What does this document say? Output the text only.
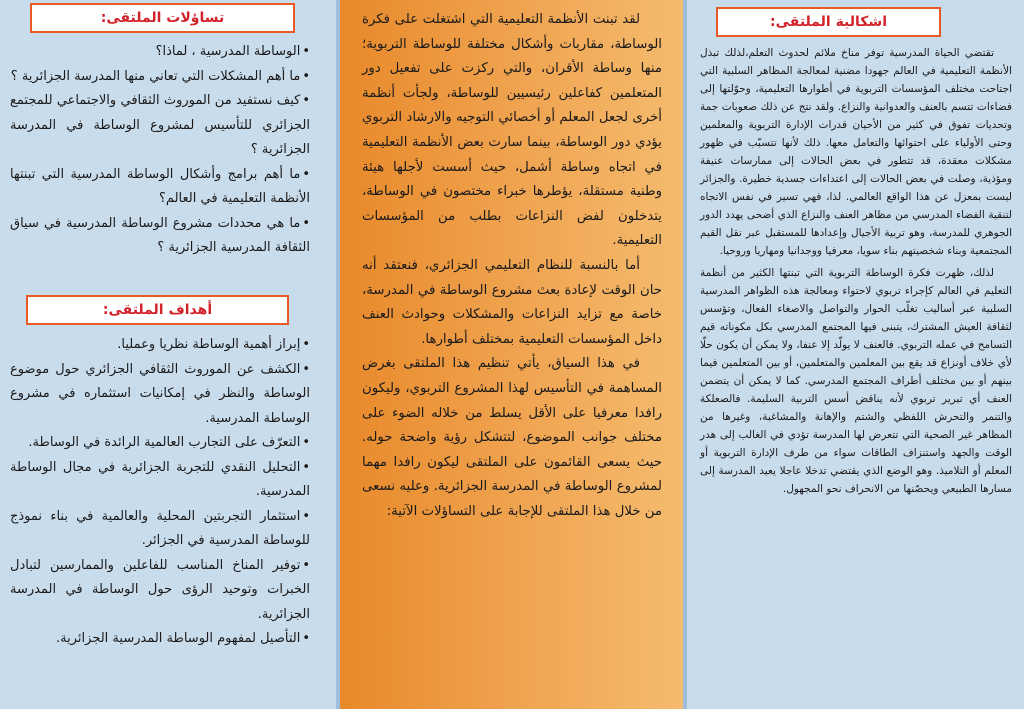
تساؤلات الملتقى:
• الوساطة المدرسية ، لماذا؟
• ما أهم المشكلات التي تعاني منها المدرسة الجزائرية ؟
• كيف نستفيد من الموروث الثقافي والاجتماعي للمجتمع الجزائري للتأسيس لمشروع الوساطة في المدرسة الجزائرية ؟
• ما أهم برامج وأشكال الوساطة المدرسية التي تبنتها الأنظمة التعليمية في العالم؟
• ما هي محددات مشروع الوساطة المدرسية في سياق الثقافة المدرسية الجزائرية ؟
أهداف الملتقى:
• إبراز أهمية الوساطة نظريا وعمليا.
• الكشف عن الموروث الثقافي الجزائري حول موضوع الوساطة والنظر في إمكانيات استثماره في مشروع الوساطة المدرسية.
• التعرّف على التجارب العالمية الرائدة في الوساطة.
• التحليل النقدي للتجربة الجزائرية في مجال الوساطة المدرسية.
• استثمار التجربتين المحلية والعالمية في بناء نموذج للوساطة المدرسية في الجزائر.
• توفير المناخ المناسب للفاعلين والممارسين لتبادل الخبرات وتوحيد الرؤى حول الوساطة في المدرسة الجزائرية.
• التأصيل لمفهوم الوساطة المدرسية الجزائرية.

لقد تبنت الأنظمة التعليمية التي اشتغلت على فكرة الوساطة، مقاربات وأشكال مختلفة للوساطة التربوية؛ منها وساطة الأقران، والتي ركزت على تفعيل دور المتعلمين كفاعلين رئيسيين للوساطة، ولجأت أنظمة أخرى لجعل المعلم أو أخصائي التوجيه والارشاد التربوي يؤدي دور الوساطة، بينما سارت بعض الأنظمة التعليمية في اتجاه وساطة أشمل، حيث أسست لأجلها هيئة وطنية مستقلة، يؤطرها خبراء مختصون في الوساطة، يتدخلون لفض النزاعات بطلب من المؤسسات التعليمية.

أما بالنسبة للنظام التعليمي الجزائري، فنعتقد أنه حان الوقت لإعادة بعث مشروع الوساطة في المدرسة، خاصة مع تزايد النزاعات والمشكلات وحوادث العنف داخل المؤسسات التعليمية بمختلف أطوارها.

في هذا السياق، يأتي تنظيم هذا الملتقى بغرض المساهمة في التأسيس لهذا المشروع التربوي، وليكون رافدا معرفيا على الأقل يسلط من خلاله الضوء على مختلف جوانب الموضوع، لتتشكل رؤية واضحة حوله. حيث يسعى القائمون على الملتقى ليكون رافدا مهما لمشروع الوساطة في المدرسة الجزائرية. وعليه نسعى من خلال هذا الملتقى للإجابة على التساؤلات الآتية:

اشكالية الملتقى:

تقتضي الحياة المدرسية توفر مناخ ملائم لحدوث التعلم،لذلك تبذل الأنظمة التعليمية في العالم جهودا مضنية لمعالجة المظاهر السلبية التي اجتاحت مختلف المؤسسات التربوية في أطوارها التعليمية، وحوّلتها إلى فضاءات تتسم بالعنف والعدوانية والنزاع. ولقد نتج عن ذلك صعوبات جمة وتحديات تفوق في كثير من الأحيان قدرات الإدارة التربوية والمعلمين وحتى الأولياء على احتوائها والتعامل معها. ذلك لأنها تتسبّب في ظهور مشكلات معقدة، قد تتطور في بعض الحالات إلى ممارسات عنيفة ومؤذية، وصلت في بعض الحالات إلى اعتداءات جسدية خطيرة. والجزائر ليست بمعزل عن هذا الواقع العالمي. لذا، فهي تسير في نفس الاتجاه لتنقية الفضاء المدرسي من مظاهر العنف والنزاع الذي أضحى يهدد الدور الجوهري للمدرسة، وهو تربية الأجيال وإعدادها للمستقبل عبر نقل القيم المجتمعية وبناء شخصيتهم بناء سويا، معرفيا ووجدانيا ومهاريا وروحيا.

لذلك، ظهرت فكرة الوساطة التربوية التي تبنتها الكثير من أنظمة التعليم في العالم كإجراء تربوي لاحتواء ومعالجة هذه الظواهر المدرسية السلبية عبر أساليب تغلّب الحوار والتواصل والاصغاء الفعال، وتؤسس لثقافة العيش المشترك، يتبنى فيها المجتمع المدرسي بكل مكوناته قيم التسامح في عمله التربوي. فالعنف لا يولّد إلا عنفا، ولا يمكن أن يكون حلّا لأي خلاف أونزاع قد يقع بين المعلمين والمتعلمين، أو بين المتعلمين فيما بينهم أو بين مختلف أطراف المجتمع المدرسي. كما لا يمكن أن يتضمن العنف أي تبرير تربوي لأنه يناقض أسس التربية السليمة. فالصعلكة والتنمر والتحرش اللفظي والشتم والإهانة والمشاغبة، وغيرها من المظاهر غير الصحية التي تتعرض لها المدرسة تؤدي في الغالب إلى هدر الوقت والجهد واستنزاف الطاقات سواء من طرف الإدارة التربوية أو المعلم أو التلاميذ. وهو الوضع الذي يقتضي تدخلا عاجلا يعيد المدرسة إلى مسارها الطبيعي ويحصّنها من الانحراف نحو المجهول.
